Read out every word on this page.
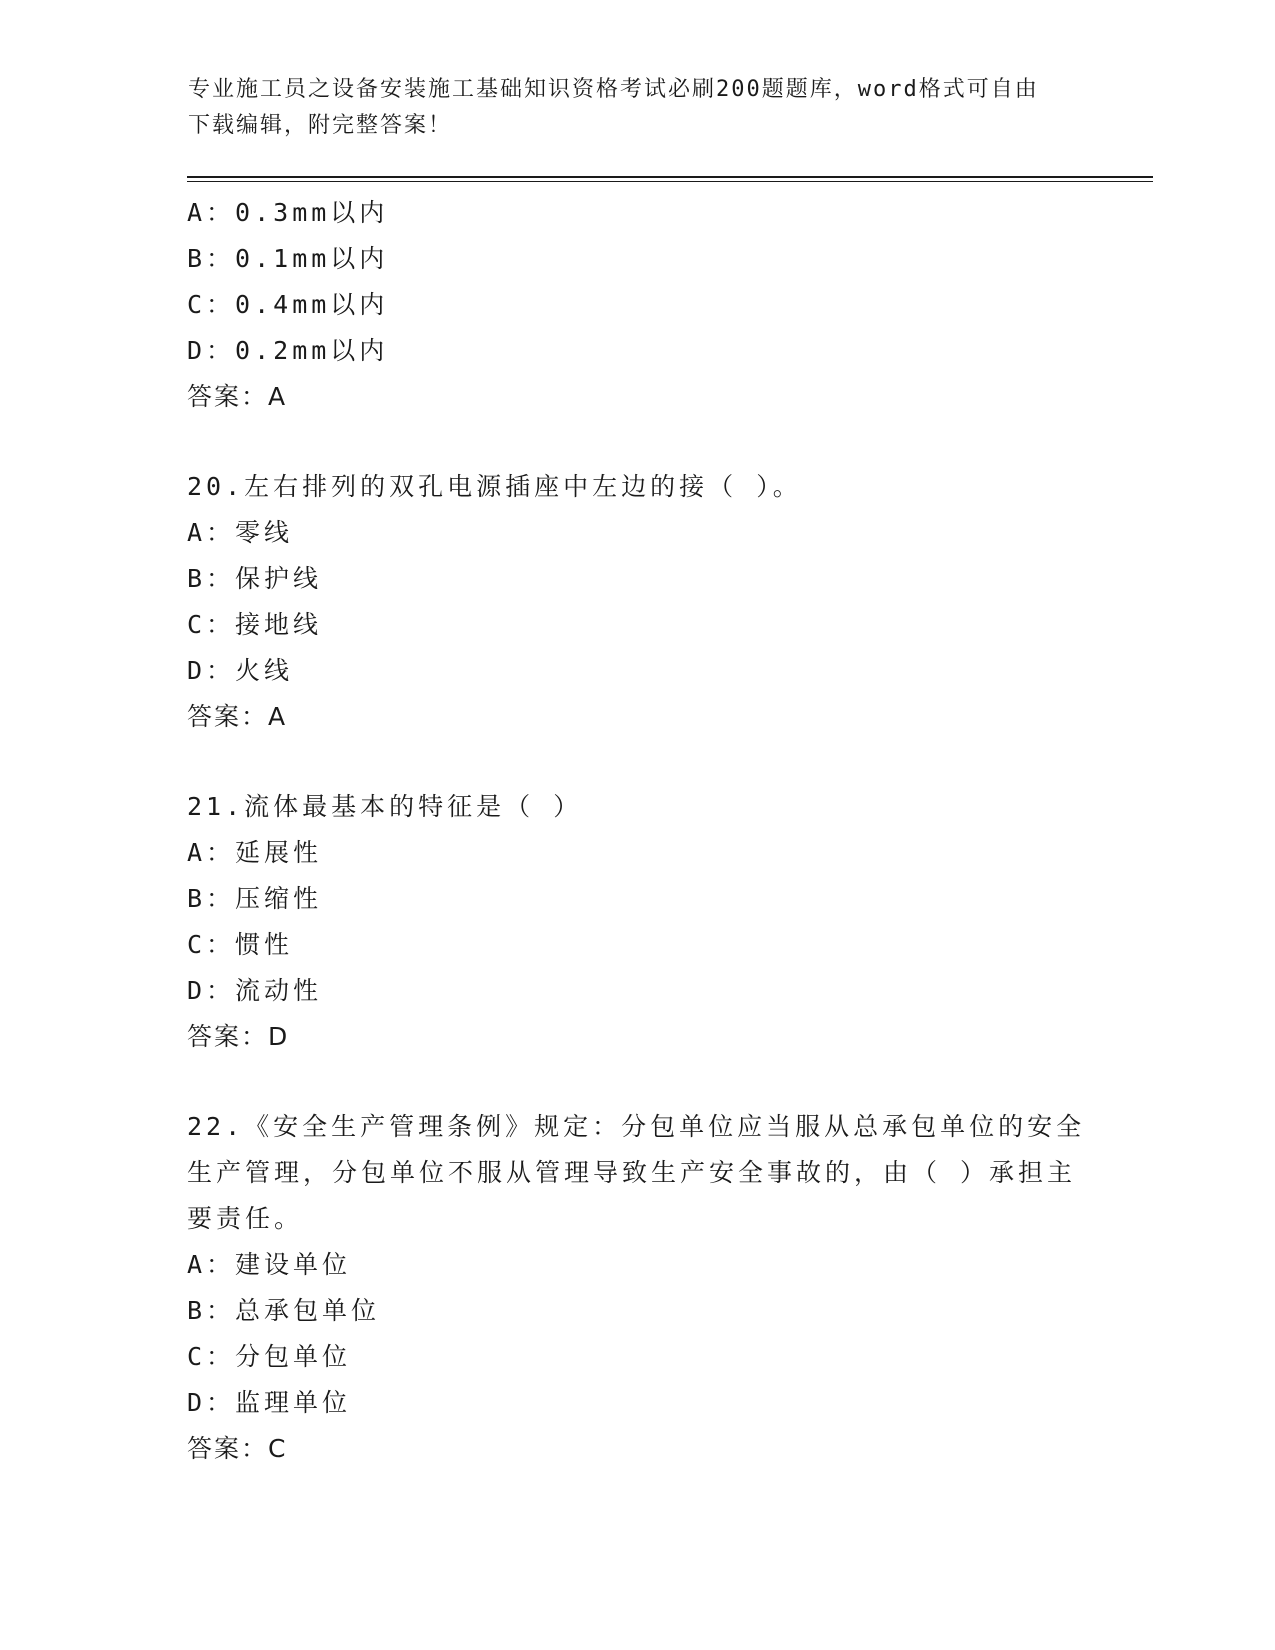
专业施工员之设备安装施工基础知识资格考试必刷200题题库，word格式可自由
下载编辑，附完整答案！
A：0.3mm以内
B：0.1mm以内
C：0.4mm以内
D：0.2mm以内
答案：A
20.左右排列的双孔电源插座中左边的接（ ）。
A：零线
B：保护线
C：接地线
D：火线
答案：A
21.流体最基本的特征是（ ）
A：延展性
B：压缩性
C：惯性
D：流动性
答案：D
22.《安全生产管理条例》规定：分包单位应当服从总承包单位的安全
生产管理，分包单位不服从管理导致生产安全事故的，由（ ）承担主
要责任。
A：建设单位
B：总承包单位
C：分包单位
D：监理单位
答案：C
